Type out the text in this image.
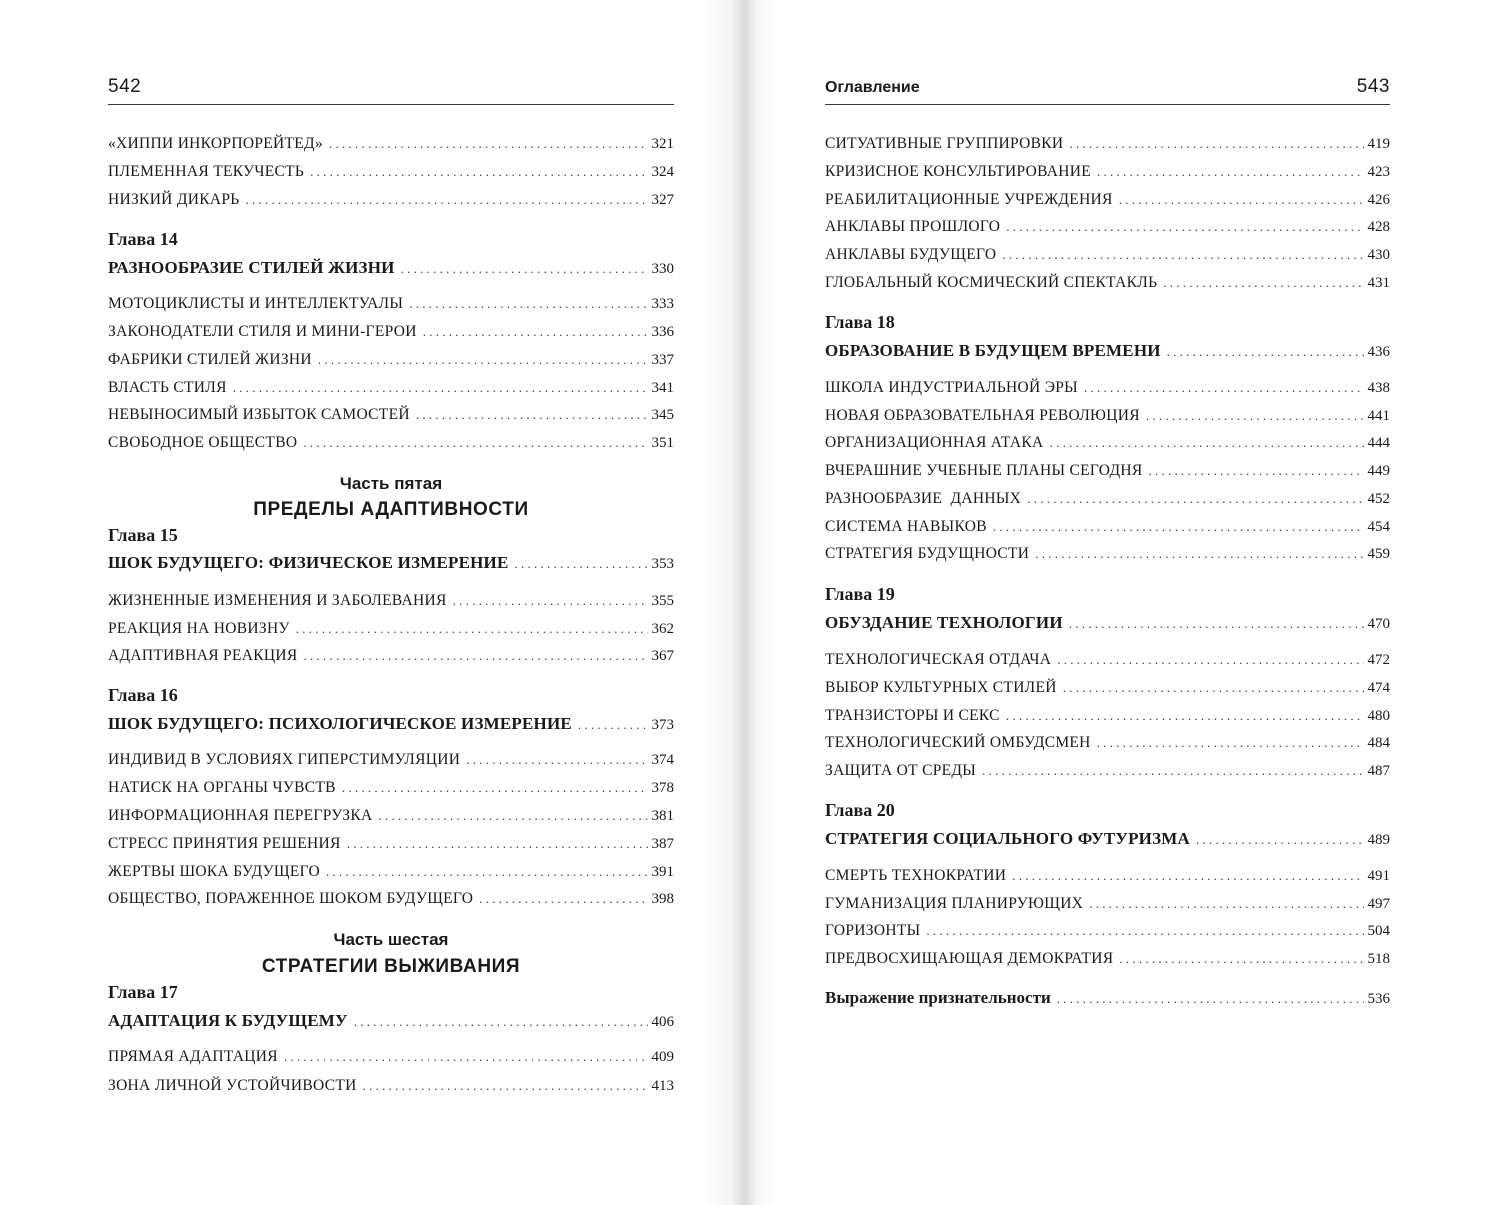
542
«ХИППИ ИНКОРПОРЕЙТЕД» . . .	321
ПЛЕМЕННАЯ ТЕКУЧЕСТЬ . . .	324
НИЗКИЙ ДИКАРЬ . . .	327
Глава 14
РАЗНООБРАЗИЕ СТИЛЕЙ ЖИЗНИ . . .	330
МОТОЦИКЛИСТЫ И ИНТЕЛЛЕКТУАЛЫ . . .	333
ЗАКОНОДАТЕЛИ СТИЛЯ И МИНИ-ГЕРОИ . . .	336
ФАБРИКИ СТИЛЕЙ ЖИЗНИ . . .	337
ВЛАСТЬ СТИЛЯ . . .	341
НЕВЫНОСИМЫЙ ИЗБЫТОК САМОСТЕЙ . . .	345
СВОБОДНОЕ ОБЩЕСТВО . . .	351
Часть пятая
ПРЕДЕЛЫ АДАПТИВНОСТИ
Глава 15
ШОК БУДУЩЕГО: ФИЗИЧЕСКОЕ ИЗМЕРЕНИЕ . . .	353
ЖИЗНЕННЫЕ ИЗМЕНЕНИЯ И ЗАБОЛЕВАНИЯ . . .	355
РЕАКЦИЯ НА НОВИЗНУ . . .	362
АДАПТИВНАЯ РЕАКЦИЯ . . .	367
Глава 16
ШОК БУДУЩЕГО: ПСИХОЛОГИЧЕСКОЕ ИЗМЕРЕНИЕ . . .	373
ИНДИВИД В УСЛОВИЯХ ГИПЕРСТИМУЛЯЦИИ . . .	374
НАТИСК НА ОРГАНЫ ЧУВСТВ . . .	378
ИНФОРМАЦИОННАЯ ПЕРЕГРУЗКА . . .	381
СТРЕСС ПРИНЯТИЯ РЕШЕНИЯ . . .	387
ЖЕРТВЫ ШОКА БУДУЩЕГО . . .	391
ОБЩЕСТВО, ПОРАЖЕННОЕ ШОКОМ БУДУЩЕГО . . .	398
Часть шестая
СТРАТЕГИИ ВЫЖИВАНИЯ
Глава 17
АДАПТАЦИЯ К БУДУЩЕМУ . . .	406
ПРЯМАЯ АДАПТАЦИЯ . . .	409
ЗОНА ЛИЧНОЙ УСТОЙЧИВОСТИ . . .	413
Оглавление	543
СИТУАТИВНЫЕ ГРУППИРОВКИ . . .	419
КРИЗИСНОЕ КОНСУЛЬТИРОВАНИЕ . . .	423
РЕАБИЛИТАЦИОННЫЕ УЧРЕЖДЕНИЯ . . .	426
АНКЛАВЫ ПРОШЛОГО . . .	428
АНКЛАВЫ БУДУЩЕГО . . .	430
ГЛОБАЛЬНЫЙ КОСМИЧЕСКИЙ СПЕКТАКЛЬ . . .	431
Глава 18
ОБРАЗОВАНИЕ В БУДУЩЕМ ВРЕМЕНИ . . .	436
ШКОЛА ИНДУСТРИАЛЬНОЙ ЭРЫ . . .	438
НОВАЯ ОБРАЗОВАТЕЛЬНАЯ РЕВОЛЮЦИЯ . . .	441
ОРГАНИЗАЦИОННАЯ АТАКА . . .	444
ВЧЕРАШНИЕ УЧЕБНЫЕ ПЛАНЫ СЕГОДНЯ . . .	449
РАЗНООБРАЗИЕ  ДАННЫХ . . .	452
СИСТЕМА НАВЫКОВ . . .	454
СТРАТЕГИЯ БУДУЩНОСТИ . . .	459
Глава 19
ОБУЗДАНИЕ ТЕХНОЛОГИИ . . .	470
ТЕХНОЛОГИЧЕСКАЯ ОТДАЧА . . .	472
ВЫБОР КУЛЬТУРНЫХ СТИЛЕЙ . . .	474
ТРАНЗИСТОРЫ И СЕКС . . .	480
ТЕХНОЛОГИЧЕСКИЙ ОМБУДСМЕН . . .	484
ЗАЩИТА ОТ СРЕДЫ . . .	487
Глава 20
СТРАТЕГИЯ СОЦИАЛЬНОГО ФУТУРИЗМА . . .	489
СМЕРТЬ ТЕХНОКРАТИИ . . .	491
ГУМАНИЗАЦИЯ ПЛАНИРУЮЩИХ . . .	497
ГОРИЗОНТЫ . . .	504
ПРЕДВОСХИЩАЮЩАЯ ДЕМОКРАТИЯ . . .	518
Выражение признательности . . .	536
